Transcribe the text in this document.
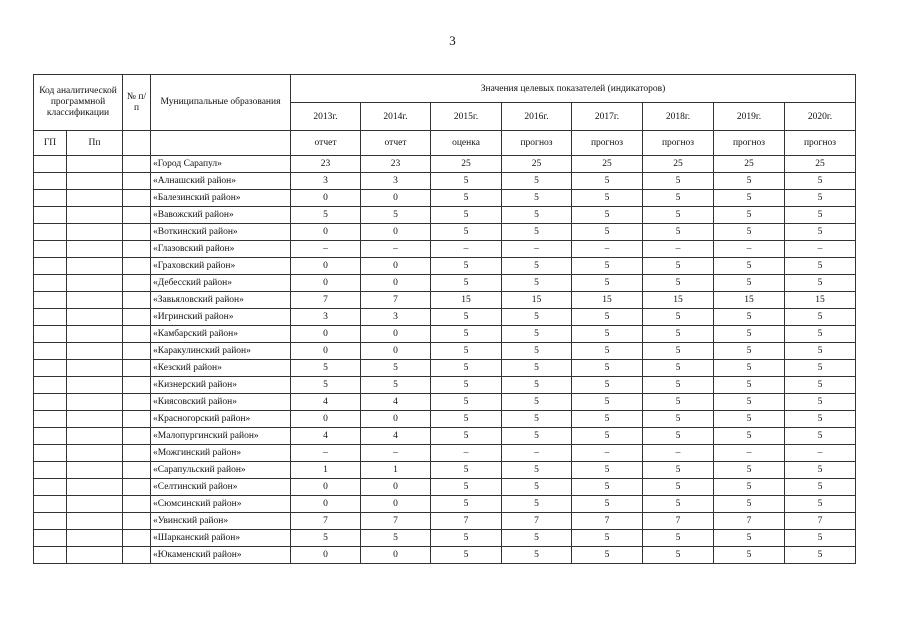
3
Код аналитической программной классификации		№ п/п	Муниципальные образования	Значения целевых показателей (индикаторов)							
				2013г.	2014г.	2015г.	2016г.	2017г.	2018г.	2019г.	2020г.
ГП	Пп			отчет	отчет	оценка	прогноз	прогноз	прогноз	прогноз	прогноз
			«Город Сарапул»	23	23	25	25	25	25	25	25
			«Алнашский район»	3	3	5	5	5	5	5	5
			«Балезинский район»	0	0	5	5	5	5	5	5
			«Вавожский район»	5	5	5	5	5	5	5	5
			«Воткинский район»	0	0	5	5	5	5	5	5
			«Глазовский район»	–	–	–	–	–	–	–	–
			«Граховский район»	0	0	5	5	5	5	5	5
			«Дебесский район»	0	0	5	5	5	5	5	5
			«Завьяловский район»	7	7	15	15	15	15	15	15
			«Игринский район»	3	3	5	5	5	5	5	5
			«Камбарский район»	0	0	5	5	5	5	5	5
			«Каракулинский район»	0	0	5	5	5	5	5	5
			«Кезский район»	5	5	5	5	5	5	5	5
			«Кизнерский район»	5	5	5	5	5	5	5	5
			«Киясовский район»	4	4	5	5	5	5	5	5
			«Красногорский район»	0	0	5	5	5	5	5	5
			«Малопургинский район»	4	4	5	5	5	5	5	5
			«Можгинский район»	–	–	–	–	–	–	–	–
			«Сарапульский район»	1	1	5	5	5	5	5	5
			«Селтинский район»	0	0	5	5	5	5	5	5
			«Сюмсинский район»	0	0	5	5	5	5	5	5
			«Увинский район»	7	7	7	7	7	7	7	7
			«Шарканский район»	5	5	5	5	5	5	5	5
			«Юкаменский район»	0	0	5	5	5	5	5	5
